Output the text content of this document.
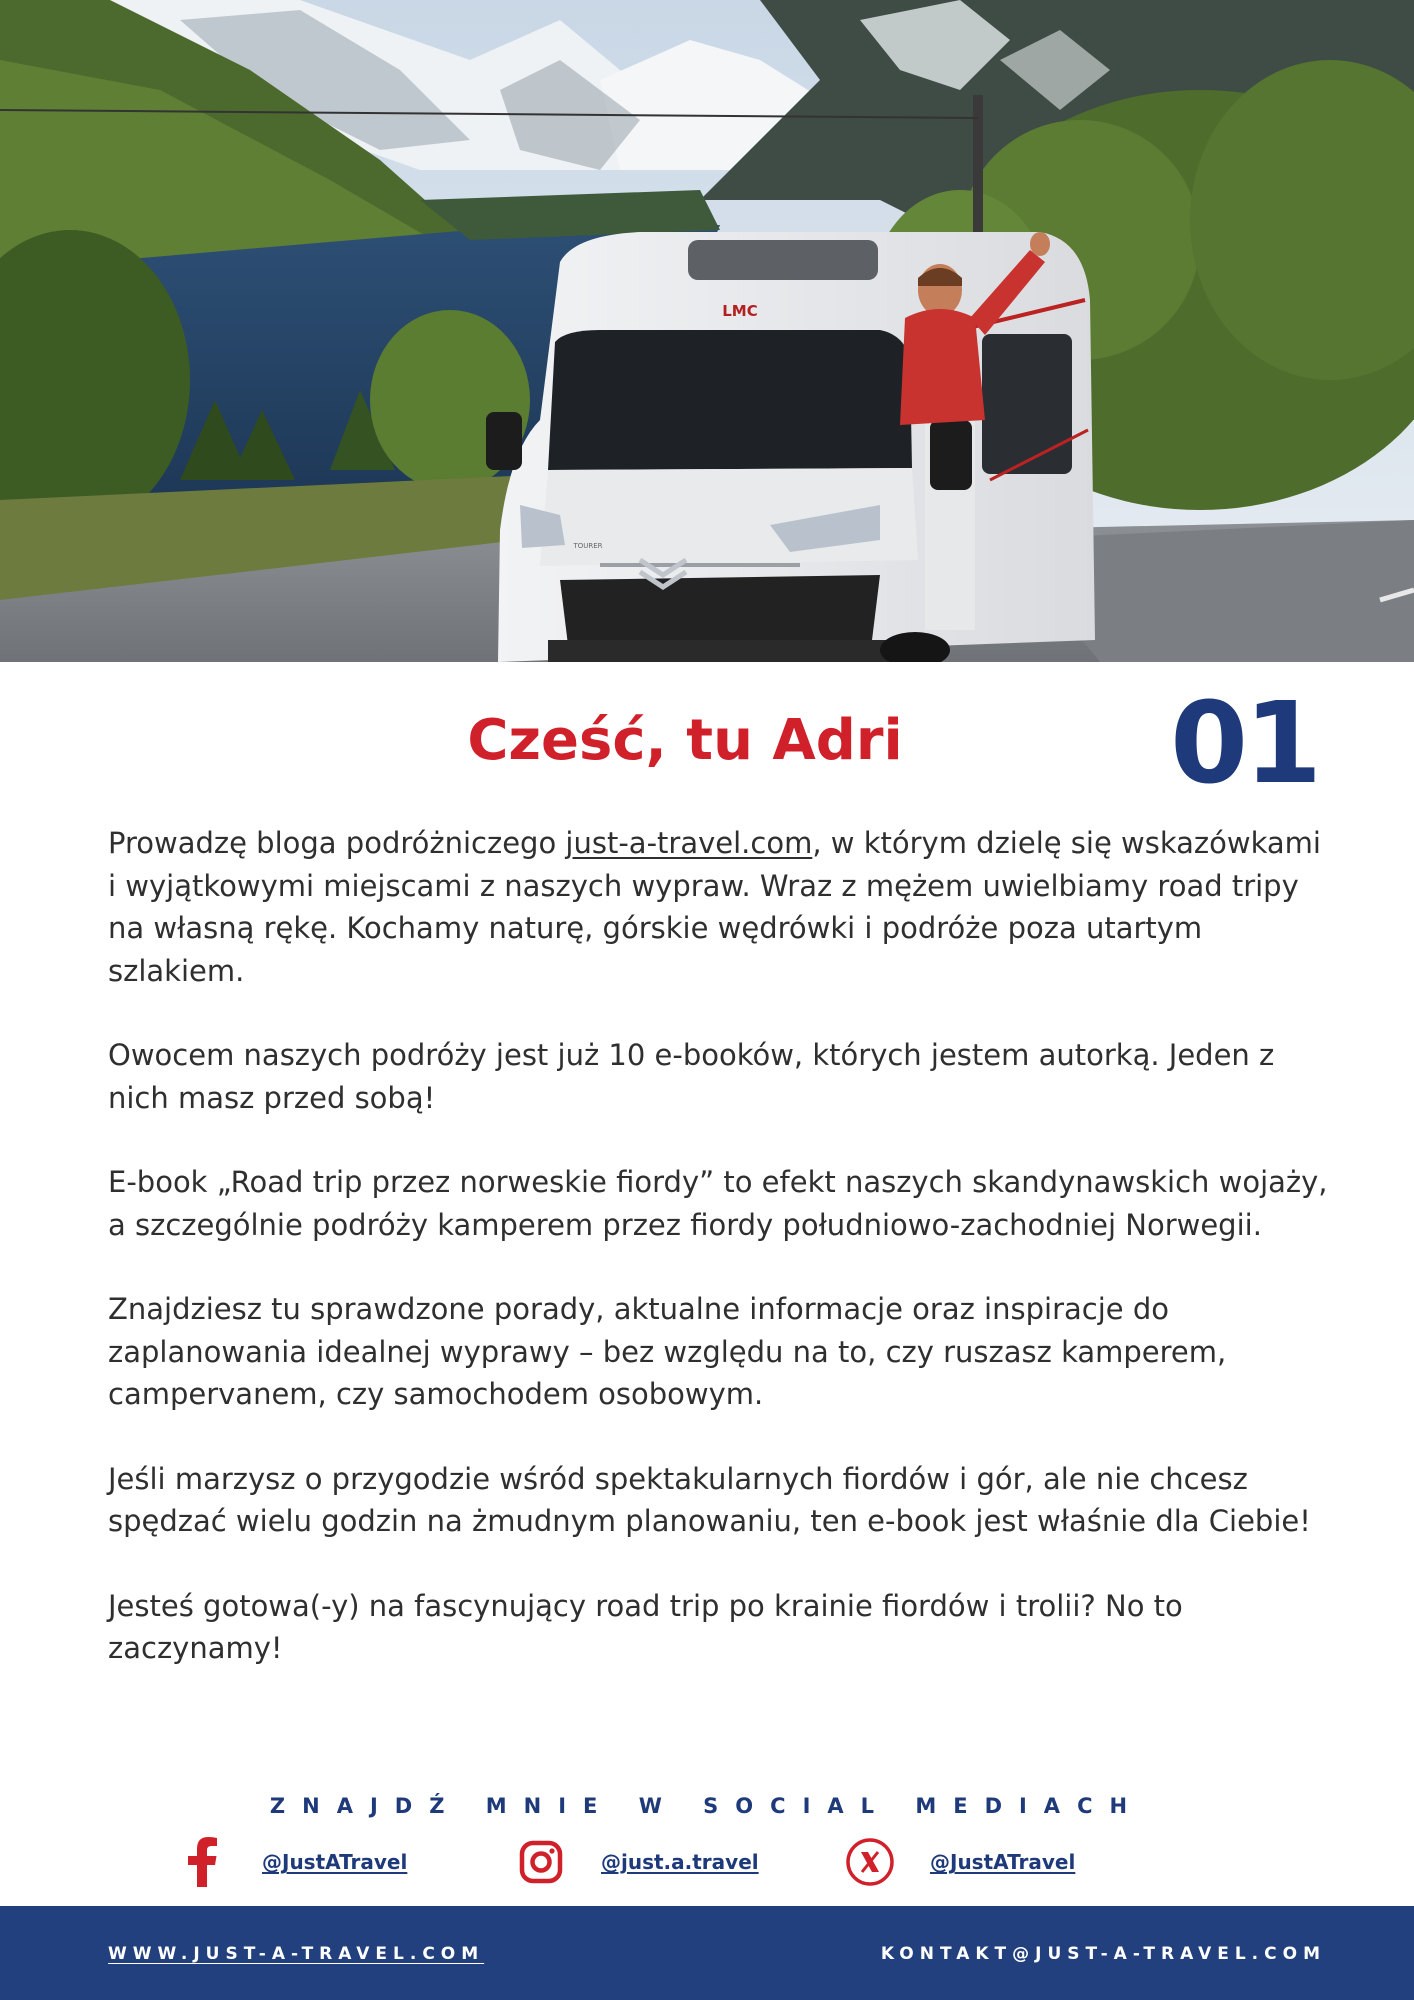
LMC
TOURER
Cześć, tu Adri	01

Prowadzę bloga podróżniczego just-a-travel.com, w którym dzielę się wskazówkami i wyjątkowymi miejscami z naszych wypraw. Wraz z mężem uwielbiamy road tripy na własną rękę. Kochamy naturę, górskie wędrówki i podróże poza utartym szlakiem.

Owocem naszych podróży jest już 10 e-booków, których jestem autorką. Jeden z nich masz przed sobą!

E-book „Road trip przez norweskie fiordy” to efekt naszych skandynawskich wojaży, a szczególnie podróży kamperem przez fiordy południowo-zachodniej Norwegii.

Znajdziesz tu sprawdzone porady, aktualne informacje oraz inspiracje do zaplanowania idealnej wyprawy – bez względu na to, czy ruszasz kamperem, campervanem, czy samochodem osobowym.

Jeśli marzysz o przygodzie wśród spektakularnych fiordów i gór, ale nie chcesz spędzać wielu godzin na żmudnym planowaniu, ten e-book jest właśnie dla Ciebie!

Jesteś gotowa(-y) na fascynujący road trip po krainie fiordów i trolii? No to zaczynamy!

ZNAJDŹ MNIE W SOCIAL MEDIACH
@JustATravel	@just.a.travel	@JustATravel
WWW.JUST-A-TRAVEL.COM	KONTAKT@JUST-A-TRAVEL.COM
